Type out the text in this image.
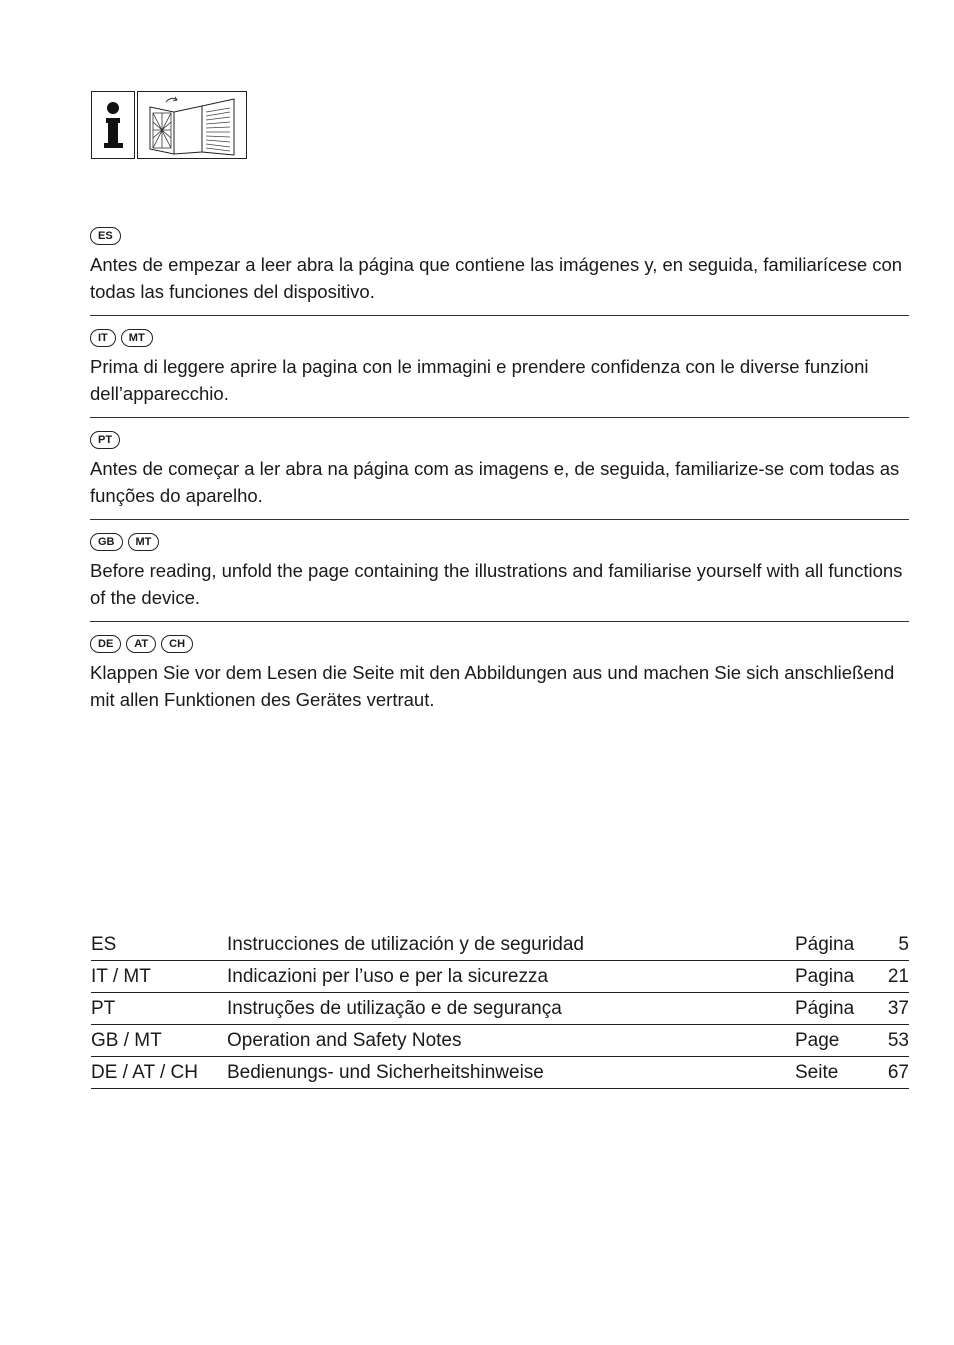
ES

Antes de empezar a leer abra la página que contiene las imágenes y, en seguida, familiarícese con todas las funciones del dispositivo.

IT	MT

Prima di leggere aprire la pagina con le immagini e prendere confidenza con le diverse funzioni dell’apparecchio.

PT

Antes de começar a ler abra na página com as imagens e, de seguida, familiarize-se com todas as funções do aparelho.

GB	MT

Before reading, unfold the page containing the illustrations and familiarise yourself with all functions of the device.

DE	AT	CH

Klappen Sie vor dem Lesen die Seite mit den Abbildungen aus und machen Sie sich anschließend mit allen Funktionen des Gerätes vertraut.

ES	Instrucciones de utilización y de seguridad	Página	5
IT / MT	Indicazioni per l’uso e per la sicurezza	Pagina	21
PT	Instruções de utilização e de segurança	Página	37
GB / MT	Operation and Safety Notes	Page	53
DE / AT / CH	Bedienungs- und Sicherheitshinweise	Seite	67
